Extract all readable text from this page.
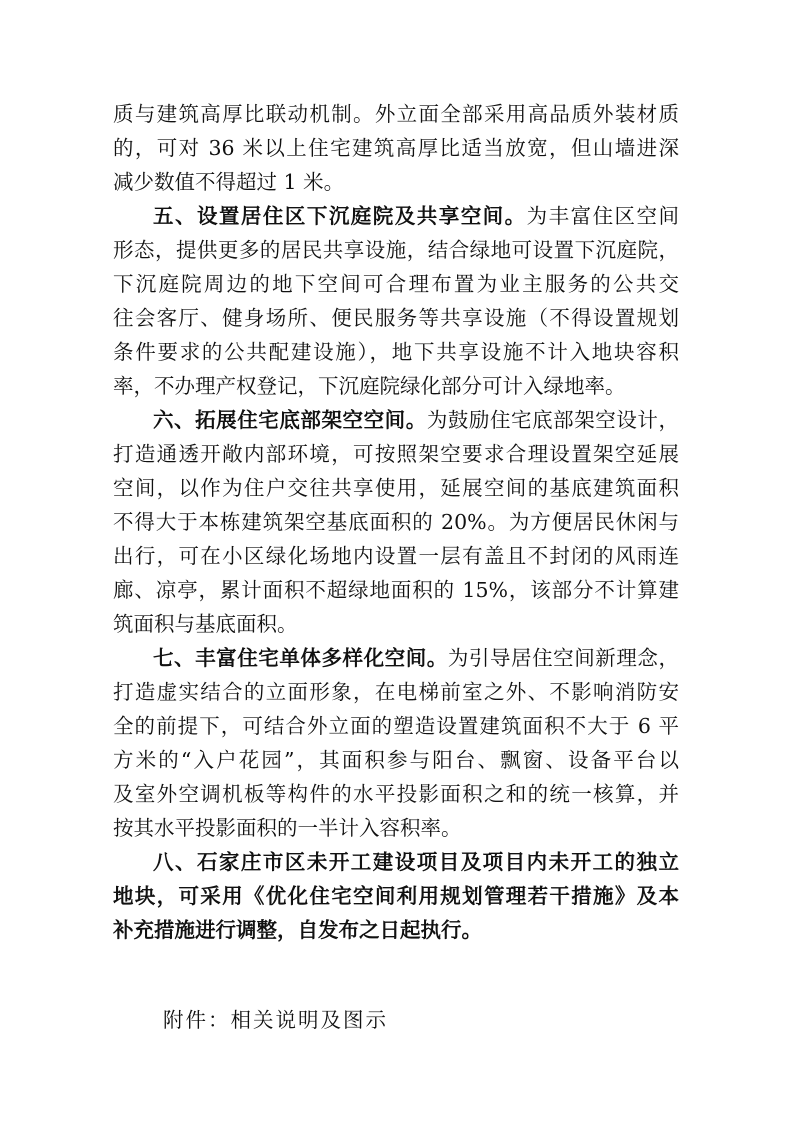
质与建筑高厚比联动机制。外立面全部采用高品质外装材质
的，可对 36 米以上住宅建筑高厚比适当放宽，但山墙进深
减少数值不得超过 1 米。
五、设置居住区下沉庭院及共享空间。为丰富住区空间
形态，提供更多的居民共享设施，结合绿地可设置下沉庭院，
下沉庭院周边的地下空间可合理布置为业主服务的公共交
往会客厅、健身场所、便民服务等共享设施（不得设置规划
条件要求的公共配建设施），地下共享设施不计入地块容积
率，不办理产权登记，下沉庭院绿化部分可计入绿地率。
六、拓展住宅底部架空空间。为鼓励住宅底部架空设计，
打造通透开敞内部环境，可按照架空要求合理设置架空延展
空间，以作为住户交往共享使用，延展空间的基底建筑面积
不得大于本栋建筑架空基底面积的 20%。为方便居民休闲与
出行，可在小区绿化场地内设置一层有盖且不封闭的风雨连
廊、凉亭，累计面积不超绿地面积的 15%，该部分不计算建
筑面积与基底面积。
七、丰富住宅单体多样化空间。为引导居住空间新理念，
打造虚实结合的立面形象，在电梯前室之外、不影响消防安
全的前提下，可结合外立面的塑造设置建筑面积不大于 6 平
方米的“入户花园”，其面积参与阳台、飘窗、设备平台以
及室外空调机板等构件的水平投影面积之和的统一核算，并
按其水平投影面积的一半计入容积率。
八、石家庄市区未开工建设项目及项目内未开工的独立
地块，可采用《优化住宅空间利用规划管理若干措施》及本
补充措施进行调整，自发布之日起执行。
附件：相关说明及图示
